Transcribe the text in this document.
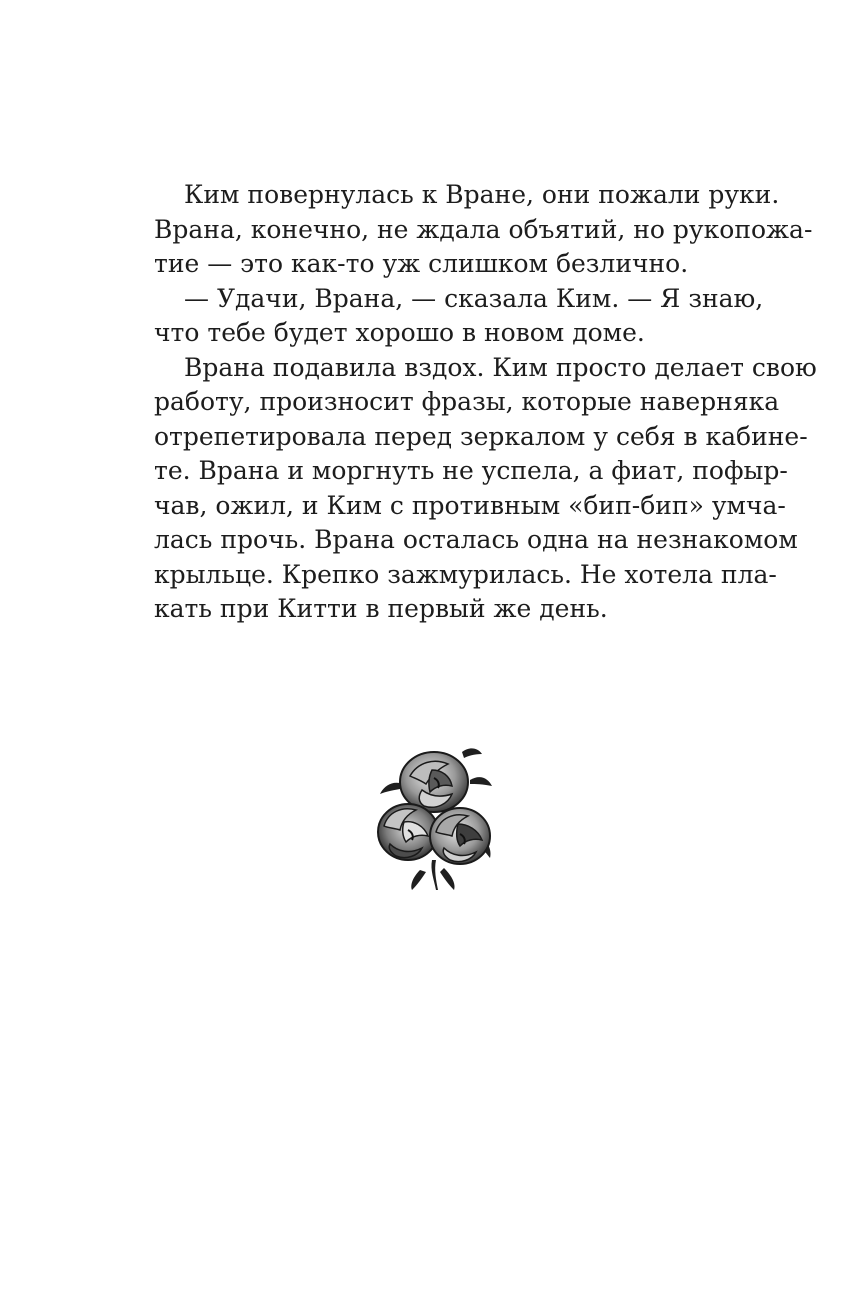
Ким повернулась к Вране, они пожали руки.
Врана, конечно, не ждала объятий, но рукопожа-
тие — это как-то уж слишком безлично.
— Удачи, Врана, — сказала Ким. — Я знаю,
что тебе будет хорошо в новом доме.
Врана подавила вздох. Ким просто делает свою
работу, произносит фразы, которые наверняка
отрепетировала перед зеркалом у себя в кабине-
те. Врана и моргнуть не успела, а фиат, пофыр-
чав, ожил, и Ким с противным «бип-бип» умча-
лась прочь. Врана осталась одна на незнакомом
крыльце. Крепко зажмурилась. Не хотела пла-
кать при Китти в первый же день.
